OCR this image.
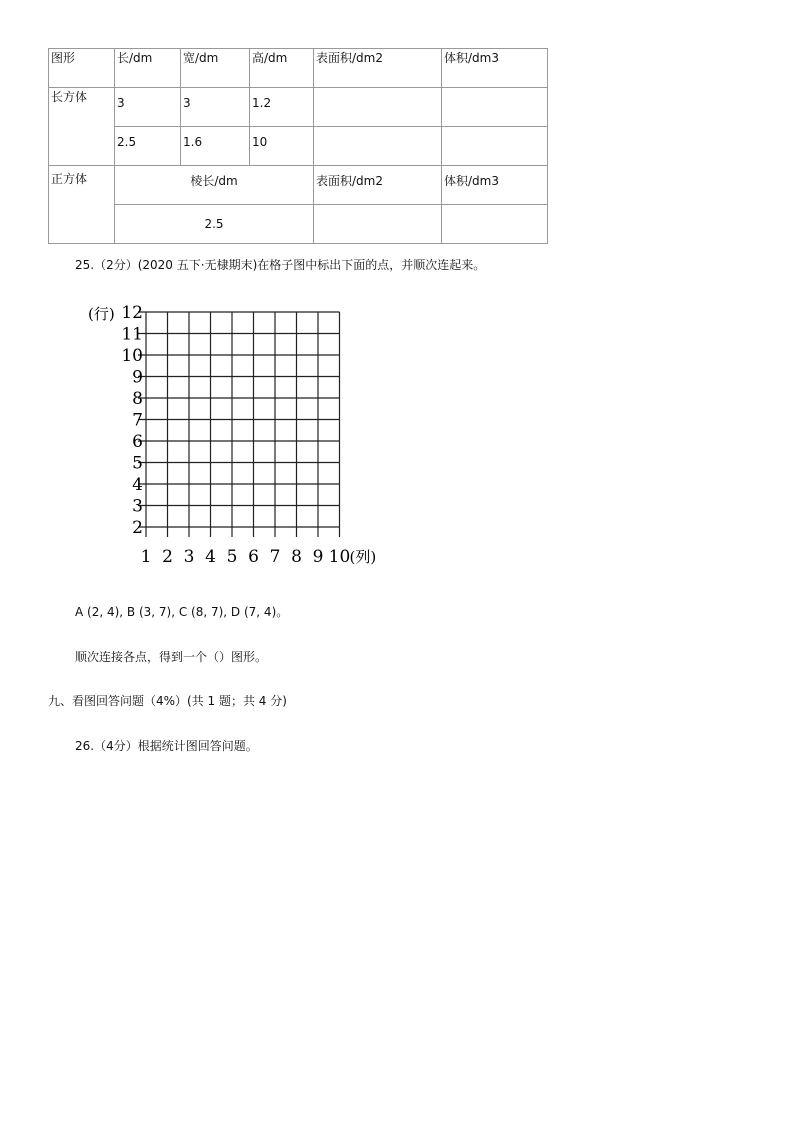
图形	长/dm	宽/dm	高/dm	表面积/dm2	体积/dm3
长方体	3	3	1.2		
	2.5	1.6	10		
正方体	棱长/dm			表面积/dm2	体积/dm3
	2.5				
25.（2分）(2020 五下·无棣期末)在格子图中标出下面的点，并顺次连起来。
12
11
10
9
8
7
6
5
4
3
2
1 2 3 4 5 6 7 8 9 10
(行)
(列)
A (2, 4), B (3, 7), C (8, 7), D (7, 4)。
顺次连接各点，得到一个（）图形。
九、看图回答问题（4%）(共 1 题；共 4 分)
26.（4分）根据统计图回答问题。
